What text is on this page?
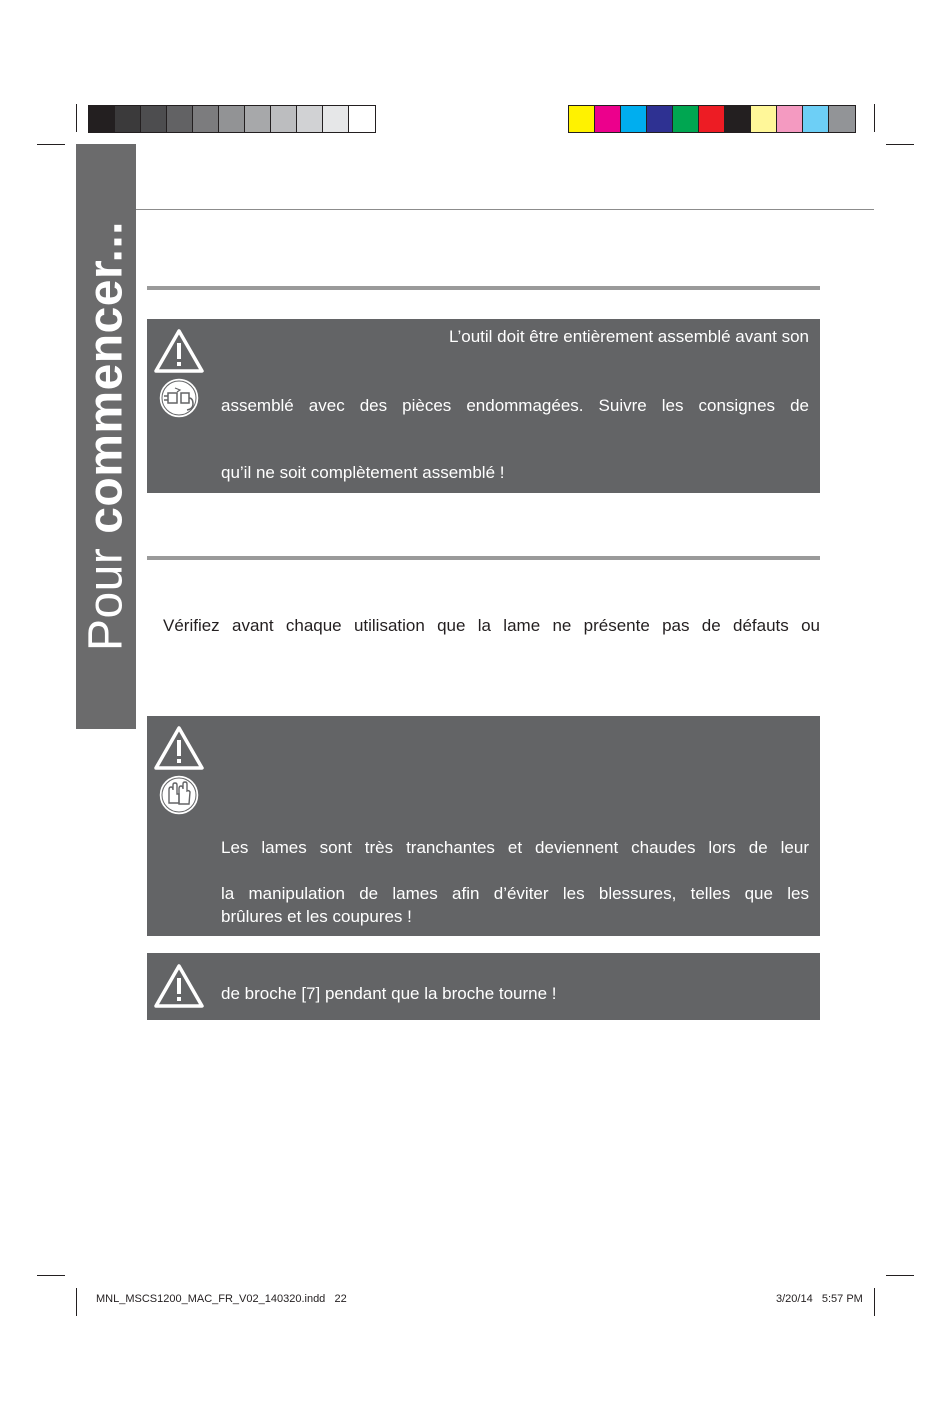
Pour commencer...	L’outil doit être entièrement assemblé avant son
assemblé avec des pièces endommagées. Suivre les consignes de
qu’il ne soit complètement assemblé !
Vérifiez avant chaque utilisation que la lame ne présente pas de défauts ou
Les lames sont très tranchantes et deviennent chaudes lors de leur
la manipulation de lames afin d’éviter les blessures, telles que les
brûlures et les coupures !
de broche [7] pendant que la broche tourne !
MNL_MSCS1200_MAC_FR_V02_140320.indd   22	3/20/14   5:57 PM
